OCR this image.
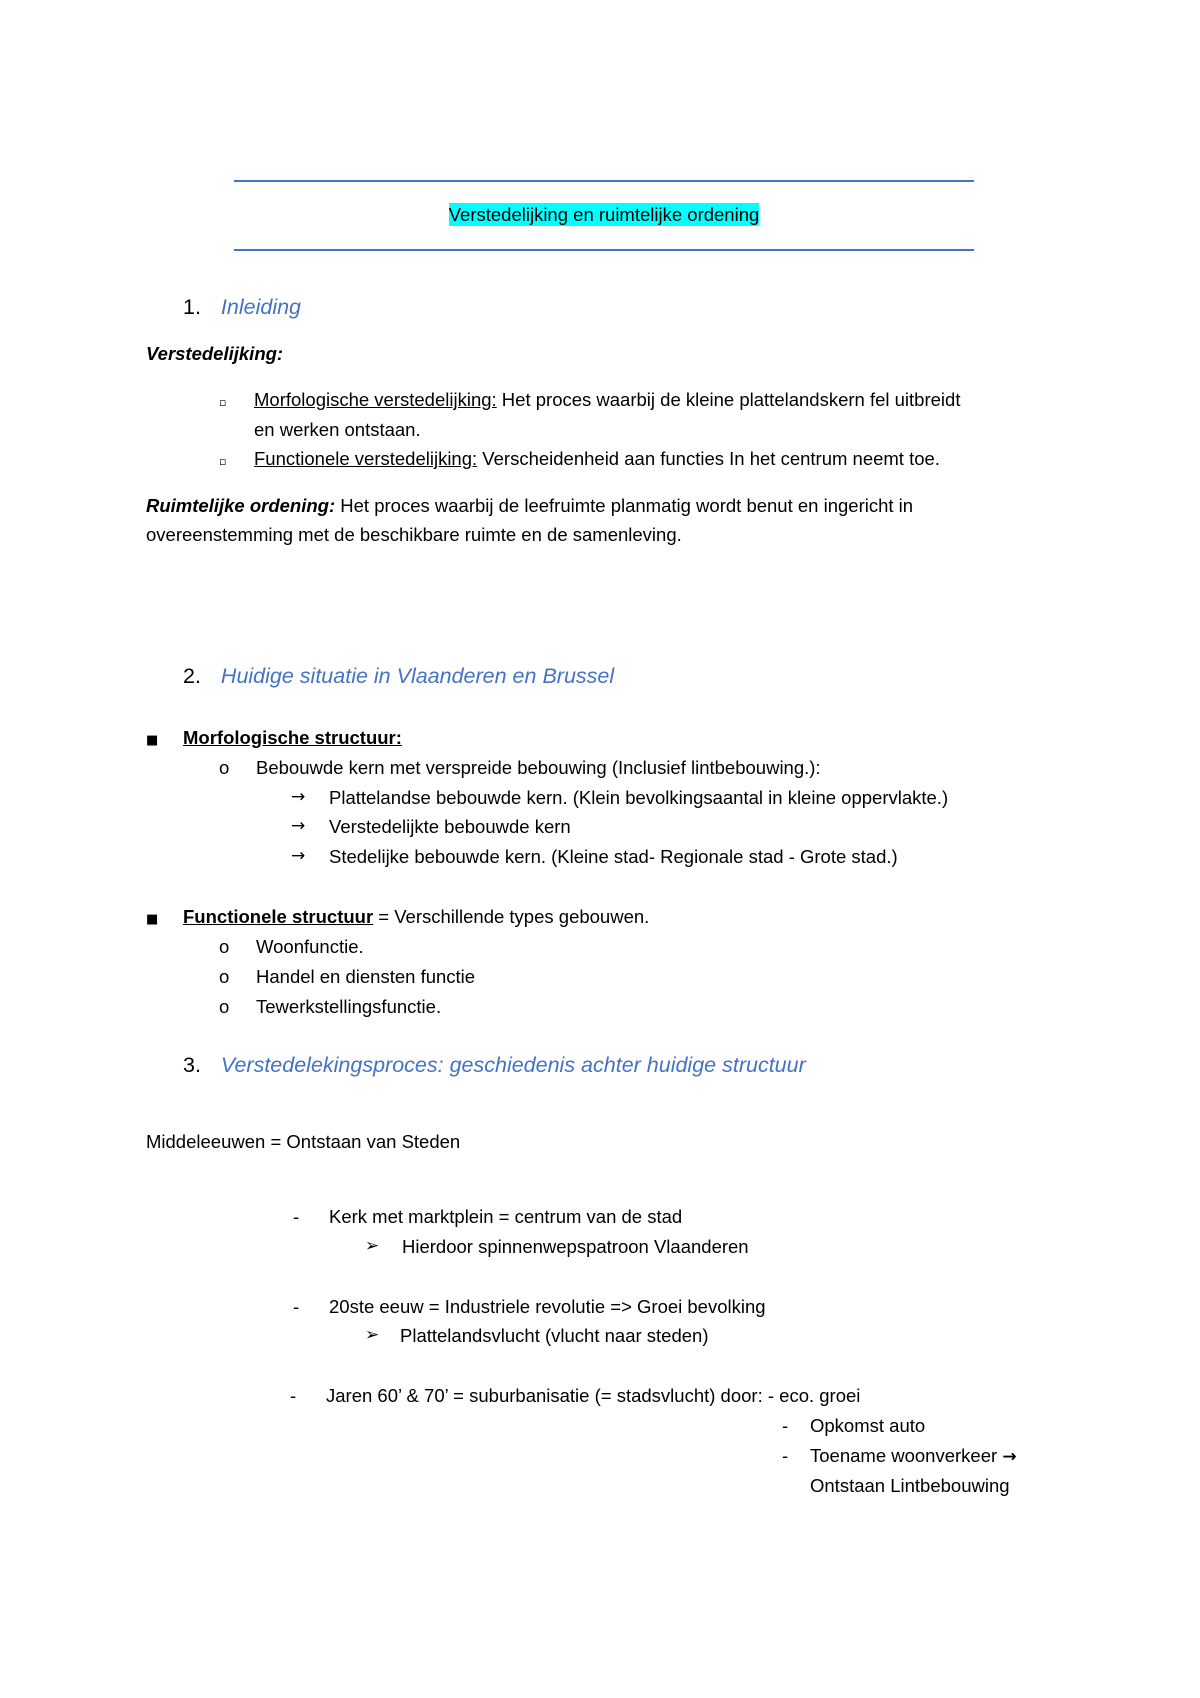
Verstedelijking en ruimtelijke ordening
1. Inleiding
Verstedelijking:
▫ Morfologische verstedelijking: Het proces waarbij de kleine plattelandskern fel uitbreidt
en werken ontstaan.
▫ Functionele verstedelijking: Verscheidenheid aan functies In het centrum neemt toe.
Ruimtelijke ordening: Het proces waarbij de leefruimte planmatig wordt benut en ingericht in
overeenstemming met de beschikbare ruimte en de samenleving.
2. Huidige situatie in Vlaanderen en Brussel
■ Morfologische structuur:
o Bebouwde kern met verspreide bebouwing (Inclusief lintbebouwing.):
→ Plattelandse bebouwde kern. (Klein bevolkingsaantal in kleine oppervlakte.)
→ Verstedelijkte bebouwde kern
→ Stedelijke bebouwde kern. (Kleine stad- Regionale stad - Grote stad.)
■ Functionele structuur = Verschillende types gebouwen.
o Woonfunctie.
o Handel en diensten functie
o Tewerkstellingsfunctie.
3. Verstedelekingsproces: geschiedenis achter huidige structuur
Middeleeuwen = Ontstaan van Steden
- Kerk met marktplein = centrum van de stad
➢ Hierdoor spinnenwepspatroon Vlaanderen
- 20ste eeuw = Industriele revolutie => Groei bevolking
➢ Plattelandsvlucht (vlucht naar steden)
- Jaren 60’ & 70’ = suburbanisatie (= stadsvlucht) door: - eco. groei
- Opkomst auto
- Toename woonverkeer →
Ontstaan Lintbebouwing
